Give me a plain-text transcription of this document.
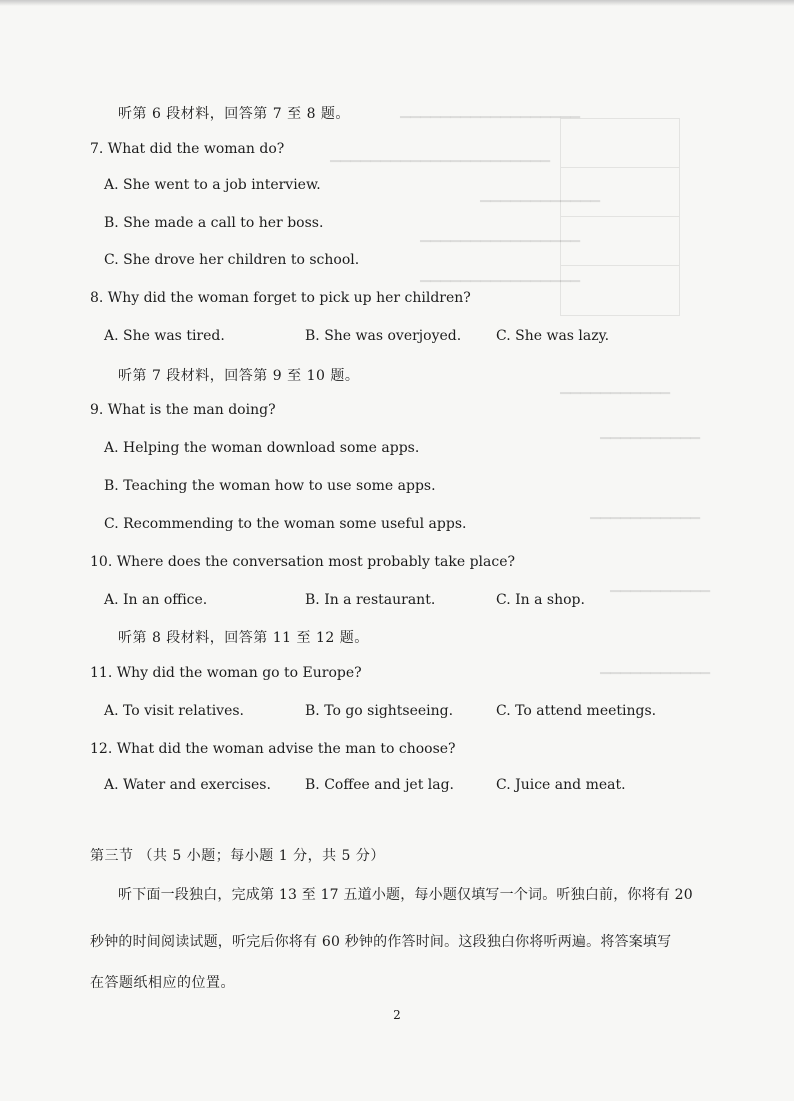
▁▁▁▁▁▁▁▁▁▁▁▁▁▁▁▁▁▁
▁▁▁▁▁▁▁▁▁▁▁▁▁▁▁▁▁▁▁▁▁▁
▁▁▁▁▁▁▁▁▁▁▁▁
▁▁▁▁▁▁▁▁▁▁▁▁▁▁▁▁
▁▁▁▁▁▁▁▁▁▁▁▁▁▁▁▁
▁▁▁▁▁▁▁▁▁▁▁
▁▁▁▁▁▁▁▁▁▁
▁▁▁▁▁▁▁▁▁▁▁
▁▁▁▁▁▁▁▁▁▁
▁▁▁▁▁▁▁▁▁▁▁
听第 6 段材料，回答第 7 至 8 题。
7. What did the woman do?
A. She went to a job interview.
B. She made a call to her boss.
C. She drove her children to school.
8. Why did the woman forget to pick up her children?
A. She was tired.	B. She was overjoyed. C. She was lazy.
听第 7 段材料，回答第 9 至 10 题。
9. What is the man doing?
A. Helping the woman download some apps.
B. Teaching the woman how to use some apps.
C. Recommending to the woman some useful apps.
10. Where does the conversation most probably take place?
A. In an office.	B. In a restaurant.	C. In a shop.
听第 8 段材料，回答第 11 至 12 题。
11. Why did the woman go to Europe?
A. To visit relatives.	B. To go sightseeing.	C. To attend meetings.
12. What did the woman advise the man to choose?
A. Water and exercises. B. Coffee and jet lag.	C. Juice and meat.
第三节 （共 5 小题；每小题 1 分，共 5 分）
听下面一段独白，完成第 13 至 17 五道小题，每小题仅填写一个词。听独白前，你将有 20
秒钟的时间阅读试题，听完后你将有 60 秒钟的作答时间。这段独白你将听两遍。将答案填写
在答题纸相应的位置。
2
